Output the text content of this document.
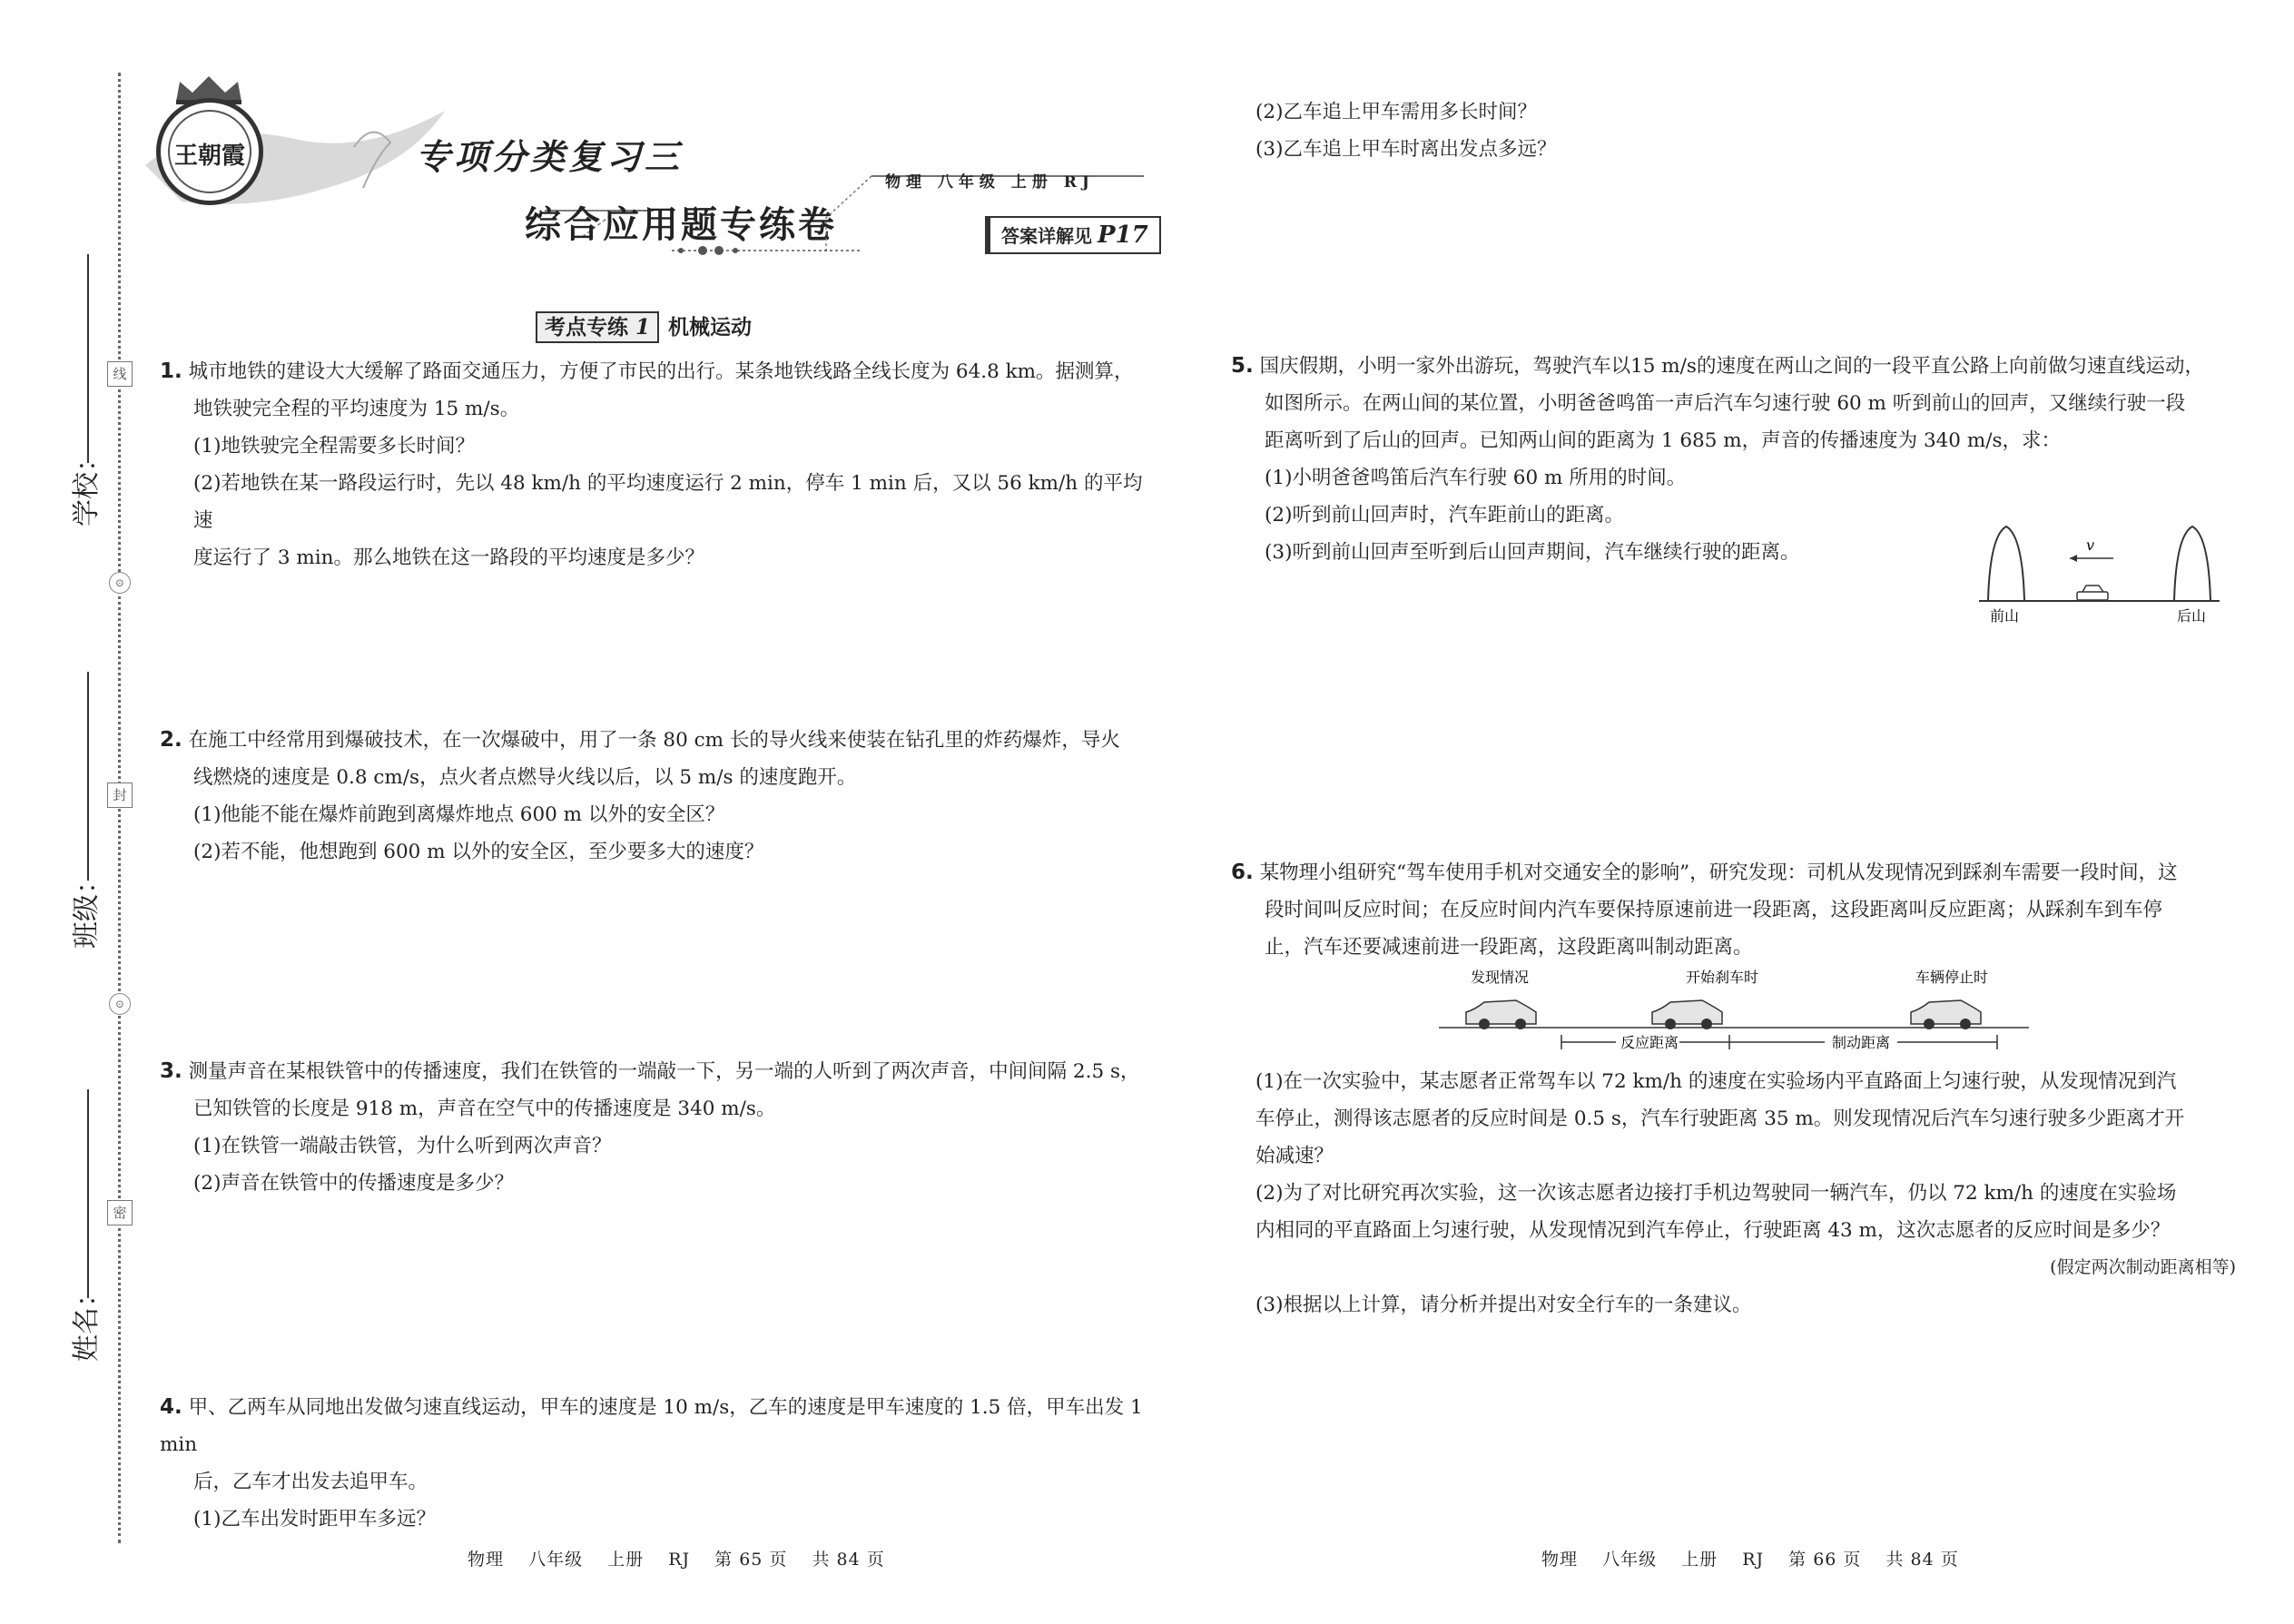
线
封
密
⊙
⊙
学校：
班级：
姓名：
王朝霞	专项分类复习三
综合应用题专练卷
物理 八年级 上册 RJ
答案详解见 P17
考点专练 1 机械运动

1. 城市地铁的建设大大缓解了路面交通压力，方便了市民的出行。某条地铁线路全线长度为 64.8 km。据测算，

地铁驶完全程的平均速度为 15 m/s。

(1)地铁驶完全程需要多长时间？

(2)若地铁在某一路段运行时，先以 48 km/h 的平均速度运行 2 min，停车 1 min 后，又以 56 km/h 的平均速

度运行了 3 min。那么地铁在这一路段的平均速度是多少？

2. 在施工中经常用到爆破技术，在一次爆破中，用了一条 80 cm 长的导火线来使装在钻孔里的炸药爆炸，导火

线燃烧的速度是 0.8 cm/s，点火者点燃导火线以后，以 5 m/s 的速度跑开。

(1)他能不能在爆炸前跑到离爆炸地点 600 m 以外的安全区？

(2)若不能，他想跑到 600 m 以外的安全区，至少要多大的速度？

3. 测量声音在某根铁管中的传播速度，我们在铁管的一端敲一下，另一端的人听到了两次声音，中间间隔 2.5 s，

已知铁管的长度是 918 m，声音在空气中的传播速度是 340 m/s。

(1)在铁管一端敲击铁管，为什么听到两次声音？

(2)声音在铁管中的传播速度是多少？

4. 甲、乙两车从同地出发做匀速直线运动，甲车的速度是 10 m/s，乙车的速度是甲车速度的 1.5 倍，甲车出发 1 min

后，乙车才出发去追甲车。

(1)乙车出发时距甲车多远？

(2)乙车追上甲车需用多长时间？

(3)乙车追上甲车时离出发点多远？

5. 国庆假期，小明一家外出游玩，驾驶汽车以15 m/s的速度在两山之间的一段平直公路上向前做匀速直线运动，

如图所示。在两山间的某位置，小明爸爸鸣笛一声后汽车匀速行驶 60 m 听到前山的回声，又继续行驶一段

距离听到了后山的回声。已知两山间的距离为 1 685 m，声音的传播速度为 340 m/s，求：

(1)小明爸爸鸣笛后汽车行驶 60 m 所用的时间。

(2)听到前山回声时，汽车距前山的距离。

(3)听到前山回声至听到后山回声期间，汽车继续行驶的距离。	v
前山	后山

6. 某物理小组研究“驾车使用手机对交通安全的影响”，研究发现：司机从发现情况到踩刹车需要一段时间，这

段时间叫反应时间；在反应时间内汽车要保持原速前进一段距离，这段距离叫反应距离；从踩刹车到车停

止，汽车还要减速前进一段距离，这段距离叫制动距离。

发现情况	开始刹车时	车辆停止时
反应距离	制动距离

(1)在一次实验中，某志愿者正常驾车以 72 km/h 的速度在实验场内平直路面上匀速行驶，从发现情况到汽

车停止，测得该志愿者的反应时间是 0.5 s，汽车行驶距离 35 m。则发现情况后汽车匀速行驶多少距离才开

始减速？

(2)为了对比研究再次实验，这一次该志愿者边接打手机边驾驶同一辆汽车，仍以 72 km/h 的速度在实验场

内相同的平直路面上匀速行驶，从发现情况到汽车停止，行驶距离 43 m，这次志愿者的反应时间是多少？

(假定两次制动距离相等)

(3)根据以上计算，请分析并提出对安全行车的一条建议。

物理 八年级 上册 RJ 第 65 页 共 84 页	物理 八年级 上册 RJ 第 66 页 共 84 页
